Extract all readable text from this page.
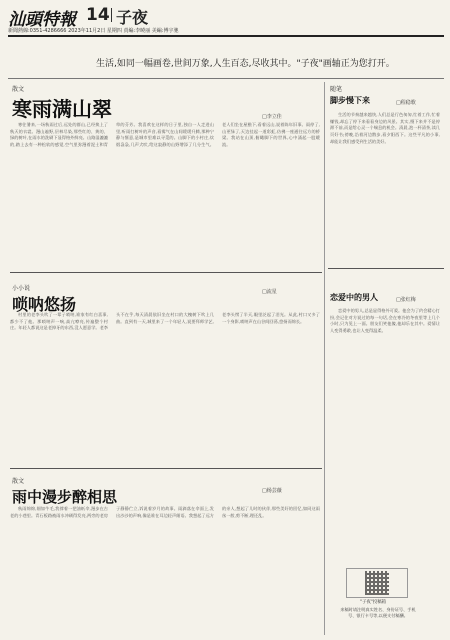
汕頭特報 14 子夜
新聞熱線:0351-4286666 2023年11月2日 星期四 責編:李曉丽 美編:傅宇驰
生活,如同一幅画卷,世间万象,人生百态,尽收其中。"子夜"画轴正为您打开。
散文
寒雨满山翠	□李立佳

寒往暑来,一场秋雨过后,远处的群山,已经换上了秋天的衣裳。漫山遍野,层林尽染,那些红的、黄的、绿的树叶,在雨水的洗刷下显得格外鲜亮。山路湿漉漉的,踏上去有一种松软的感觉,空气里弥漫着泥土和青草的芬芳。我喜欢在这样的日子里,独自一人走进山里,听雨打树叶的声音,看雾气在山间缓缓升腾,那种宁静与惬意,是城市里难以寻觅的。山脚下的小村庄,炊烟袅袅,几声犬吠,给这寂静的山野增添了几分生气。老人们坐在屋檐下,看着远山,说着陈年旧事。雨停了,山更绿了,天边挂起一道彩虹,仿佛一座通往远方的桥梁。我站在山顶,俯瞰脚下的世界,心中涌起一股暖流。

小小说
唢呐悠扬
□流星

村里的老李头吹了一辈子唢呐,谁家有红白喜事,都少不了他。那唢呐声一响,高亢嘹亮,传遍整个村庄。年轻人都说这是老掉牙的东西,没人愿意学。老李头不在乎,每天清晨依旧坐在村口的大槐树下吹上几曲。直到有一天,城里来了一个年轻人,说要拜师学艺,老李头愣了半天,眼里泛起了泪光。从此,村口又多了一个身影,唢呐声在山谷间回荡,悠扬而绵长。

散文
雨中漫步醉相思	□杨芸薇

秋雨绵绵,细如牛毛,我撑着一把油纸伞,漫步在古老的小巷里。青石板路被雨水冲刷得发亮,两旁的老房子静静伫立,诉说着岁月的故事。雨滴落在伞面上,发出沙沙的声响,像是谁在耳边轻声细语。我想起了远方的亲人,想起了儿时的伙伴,那些美好的回忆,如同这雨丝一般,剪不断,理还乱。

随笔
脚步慢下来	□程稳歌

生活的节奏越来越快,人们总是行色匆匆,忙着工作,忙着赚钱,却忘了停下来看看身边的风景。其实,慢下来并不是停滞不前,而是给心灵一个喘息的机会。清晨,泡一杯清茶,读几页好书;傍晚,沿着河边散步,看夕阳西下。这些平凡的小事,却能让我们感受到生活的美好。

恋爱中的男人	□张红梅

恋爱中的男人,总是显得格外可爱。他会为了约会精心打扮,会记住对方说过的每一句话,会在寒冷的冬夜里等上几个小时,只为见上一面。朋友们笑他傻,他却乐在其中。爱情让人变得勇敢,也让人变得温柔。

"子夜"投稿箱
来稿时请注明真实姓名、身份证号、手机号、银行卡号等,以便支付稿酬。
